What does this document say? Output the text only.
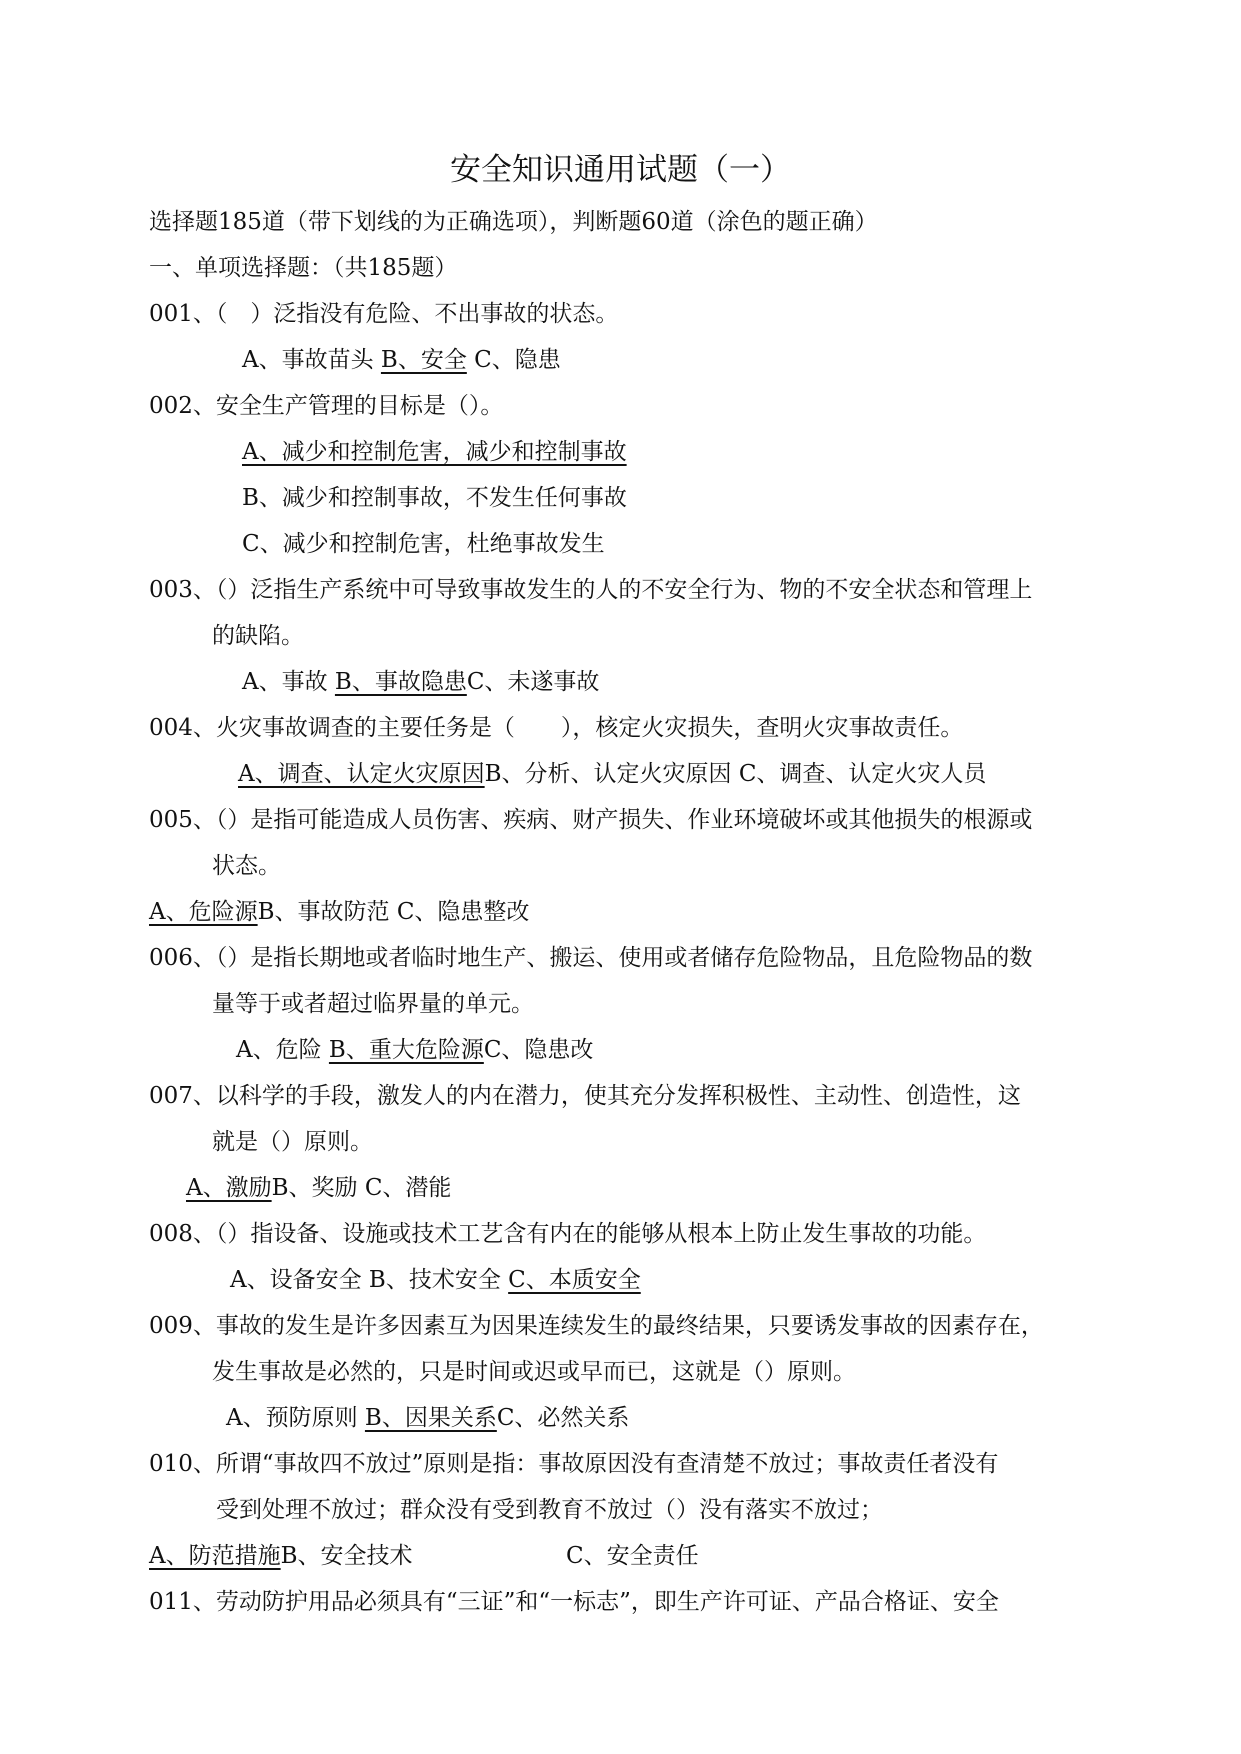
安全知识通用试题（一）
选择题185道（带下划线的为正确选项），判断题60道（涂色的题正确）
一、单项选择题：（共185题）
001、（　）泛指没有危险、不出事故的状态。
A、事故苗头 B、安全 C、隐患
002、安全生产管理的目标是（）。
A、减少和控制危害，减少和控制事故
B、减少和控制事故，不发生任何事故
C、减少和控制危害，杜绝事故发生
003、（）泛指生产系统中可导致事故发生的人的不安全行为、物的不安全状态和管理上
的缺陷。
A、事故 B、事故隐患C、未遂事故
004、火灾事故调查的主要任务是（　　），核定火灾损失，查明火灾事故责任。
A、调查、认定火灾原因B、分析、认定火灾原因 C、调查、认定火灾人员
005、（）是指可能造成人员伤害、疾病、财产损失、作业环境破坏或其他损失的根源或
状态。
A、危险源B、事故防范 C、隐患整改
006、（）是指长期地或者临时地生产、搬运、使用或者储存危险物品，且危险物品的数
量等于或者超过临界量的单元。
A、危险 B、重大危险源C、隐患改
007、以科学的手段，激发人的内在潜力，使其充分发挥积极性、主动性、创造性，这
就是（）原则。
A、激励B、奖励 C、潜能
008、（）指设备、设施或技术工艺含有内在的能够从根本上防止发生事故的功能。
A、设备安全 B、技术安全 C、本质安全
009、事故的发生是许多因素互为因果连续发生的最终结果，只要诱发事故的因素存在，
发生事故是必然的，只是时间或迟或早而已，这就是（）原则。
A、预防原则 B、因果关系C、必然关系
010、所谓“事故四不放过”原则是指：事故原因没有查清楚不放过；事故责任者没有
受到处理不放过；群众没有受到教育不放过（）没有落实不放过；
A、防范措施B、安全技术	C、安全责任
011、劳动防护用品必须具有“三证”和“一标志”，即生产许可证、产品合格证、安全
